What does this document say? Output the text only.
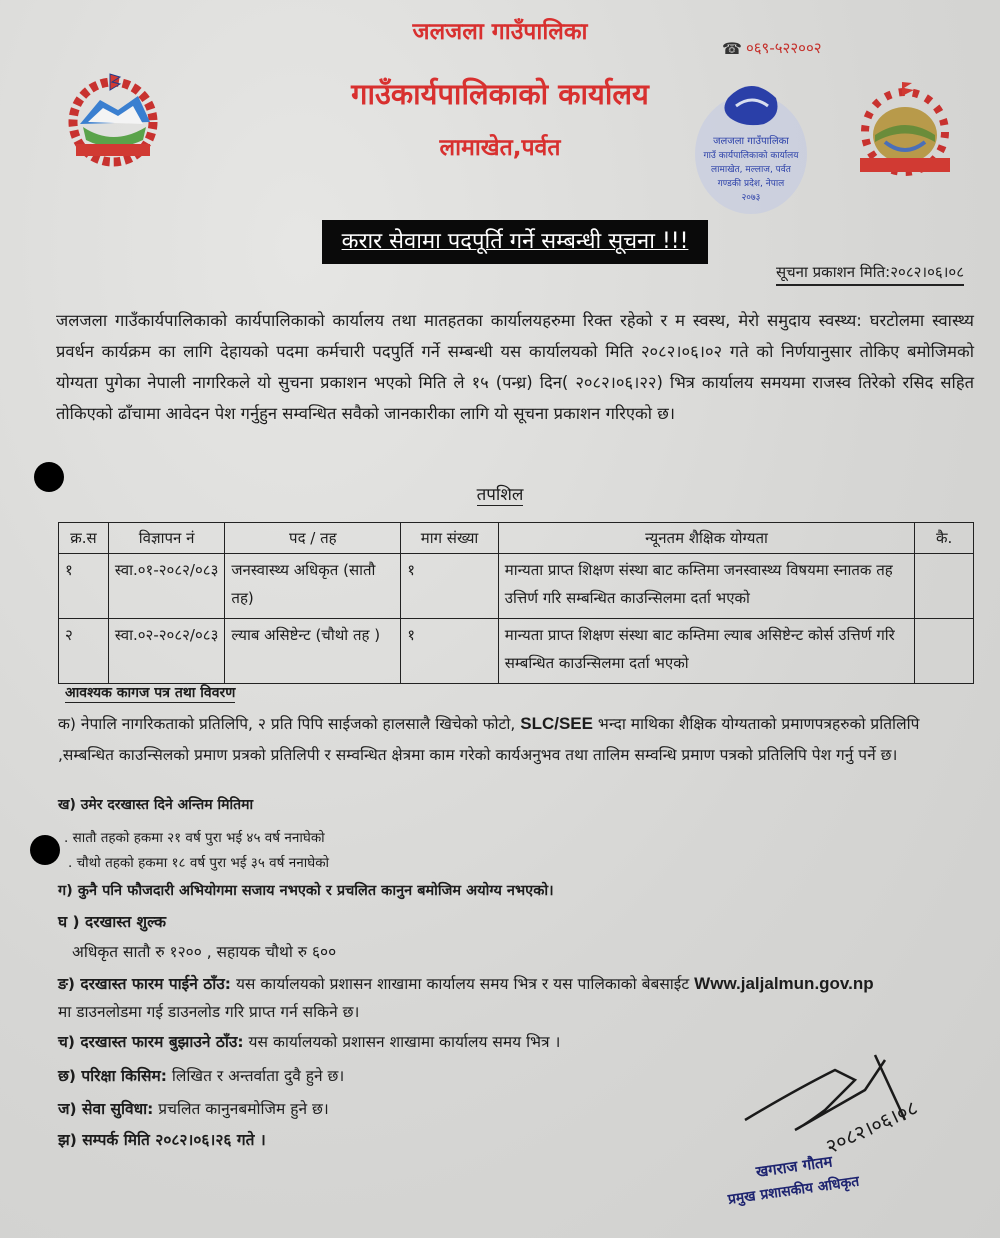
जलजला गाउँपालिका
गाउँकार्यपालिकाको कार्यालय
लामाखेत,पर्वत
☎ ०६९-५२२००२
जलजला गाउँपालिका
गाउँ कार्यपालिकाको कार्यालय
लामाखेत, मल्लाज, पर्वत
गण्डकी प्रदेश, नेपाल
२०७३
करार सेवामा पदपूर्ति गर्ने सम्बन्धी सूचना !!!
सूचना प्रकाशन मिति:२०८२।०६।०८
जलजला गाउँकार्यपालिकाको कार्यपालिकाको कार्यालय तथा मातहतका कार्यालयहरुमा रिक्त रहेको र म स्वस्थ, मेरो समुदाय स्वस्थ्य: घरटोलमा स्वास्थ्य प्रवर्धन कार्यक्रम का लागि देहायको पदमा कर्मचारी पदपुर्ति गर्ने सम्बन्धी यस कार्यालयको मिति २०८२।०६।०२ गते को निर्णयानुसार तोकिए बमोजिमको योग्यता पुगेका नेपाली नागरिकले यो सुचना प्रकाशन भएको मिति ले १५ (पन्ध्र) दिन( २०८२।०६।२२) भित्र कार्यालय समयमा राजस्व तिरेको रसिद सहित तोकिएको ढाँचामा आवेदन पेश गर्नुहुन सम्वन्धित सवैको जानकारीका लागि यो सूचना प्रकाशन गरिएको छ।
तपशिल
क्र.स	विज्ञापन नं	पद / तह	माग संख्या	न्यूनतम शैक्षिक योग्यता	कै.
१	स्वा.०१-२०८२/०८३	जनस्वास्थ्य अधिकृत (सातौ तह)	१	मान्यता प्राप्त शिक्षण संस्था बाट कम्तिमा जनस्वास्थ्य विषयमा स्नातक तह उत्तिर्ण गरि सम्बन्धित काउन्सिलमा दर्ता भएको	
२	स्वा.०२-२०८२/०८३	ल्याब असिष्टेन्ट (चौथो तह )	१	मान्यता प्राप्त शिक्षण संस्था बाट कम्तिमा ल्याब असिष्टेन्ट कोर्स उत्तिर्ण गरि सम्बन्धित काउन्सिलमा दर्ता भएको	
आवश्यक कागज पत्र तथा विवरण
क) नेपालि नागरिकताको प्रतिलिपि, २ प्रति पिपि साईजको हालसालै खिचेको फोटो, SLC/SEE भन्दा माथिका शैक्षिक योग्यताको प्रमाणपत्रहरुको प्रतिलिपि ,सम्बन्धित काउन्सिलको प्रमाण प्रत्रको प्रतिलिपी र सम्वन्धित क्षेत्रमा काम गरेको कार्यअनुभव तथा तालिम सम्वन्धि प्रमाण पत्रको प्रतिलिपि पेश गर्नु पर्ने छ।
ख) उमेर दरखास्त दिने अन्तिम मितिमा
. सातौ तहको हकमा २१ वर्ष पुरा भई ४५ वर्ष ननाघेको
. चौथो तहको हकमा १८ वर्ष पुरा भई ३५ वर्ष ननाघेको
ग) कुनै पनि फौजदारी अभियोगमा सजाय नभएको र प्रचलित कानुन बमोजिम अयोग्य नभएको।
घ ) दरखास्त शुल्क
अधिकृत सातौ रु १२०० , सहायक चौथो रु ६००
ङ) दरखास्त फारम पाईने ठाँउ: यस कार्यालयको प्रशासन शाखामा कार्यालय समय भित्र र यस पालिकाको बेबसाईट Www.jaljalmun.gov.np
मा डाउनलोडमा गई डाउनलोड गरि प्राप्त गर्न सकिने छ।
च) दरखास्त फारम बुझाउने ठाँउ: यस कार्यालयको प्रशासन शाखामा कार्यालय समय भित्र ।
छ) परिक्षा किसिम: लिखित र अन्तर्वाता दुवै हुने छ।
ज) सेवा सुविधा: प्रचलित कानुनबमोजिम हुने छ।
झ) सम्पर्क मिति २०८२।०६।२६ गते ।	२०८२।०६।०८
खगराज गौतम
प्रमुख प्रशासकीय अधिकृत
